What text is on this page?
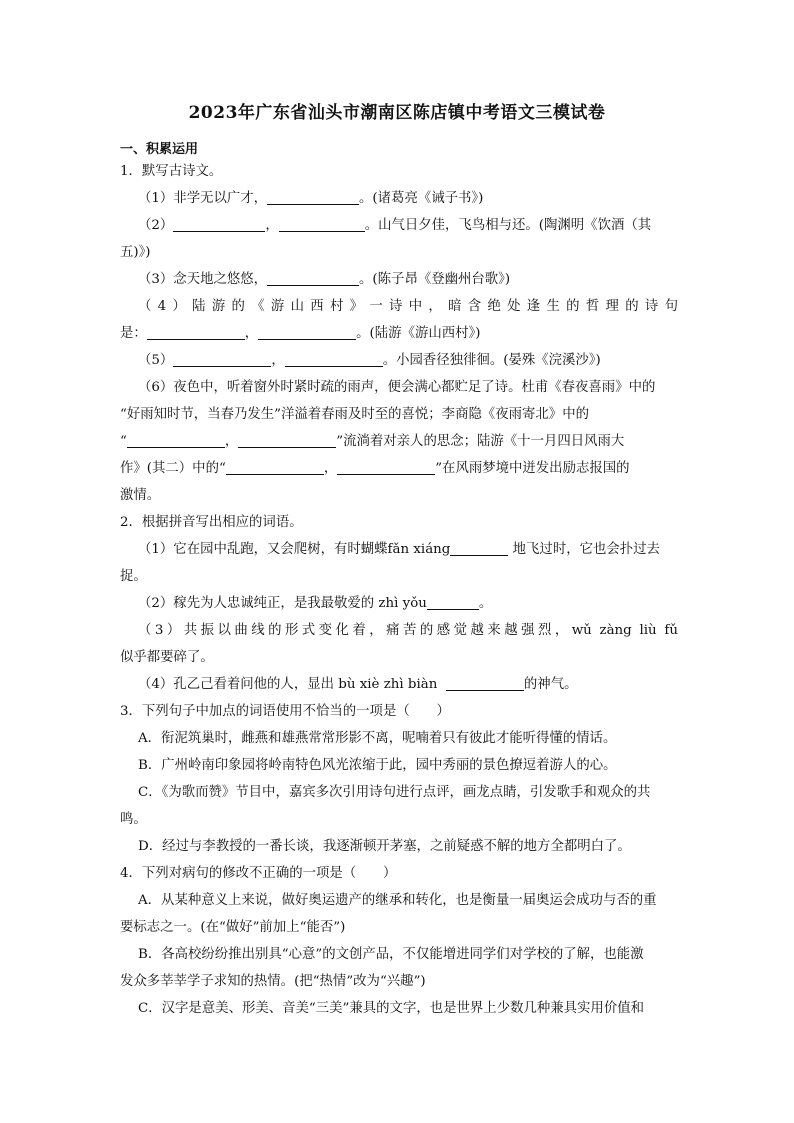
2023年广东省汕头市潮南区陈店镇中考语文三模试卷
一、积累运用
1．默写古诗文。
（1）非学无以广才，	。(诸葛亮《诫子书》)
（2）	，	。山气日夕佳，飞鸟相与还。(陶渊明《饮酒（其
五)》)
（3）念天地之悠悠，	。(陈子昂《登幽州台歌》)
（4）陆游的《游山西村》一诗中，暗含绝处逢生的哲理的诗句
是：	，	。(陆游《游山西村》)
（5）	，	。小园香径独徘徊。(晏殊《浣溪沙》)
（6）夜色中，听着窗外时紧时疏的雨声，便会满心都贮足了诗。杜甫《春夜喜雨》中的
“好雨知时节，当春乃发生”洋溢着春雨及时至的喜悦；李商隐《夜雨寄北》中的
“	，	”流淌着对亲人的思念；陆游《十一月四日风雨大
作》(其二）中的“	，	”在风雨梦境中迸发出励志报国的
激情。
2．根据拼音写出相应的词语。
（1）它在园中乱跑，又会爬树，有时蝴蝶fǎn xiáng	地飞过时，它也会扑过去
捉。
（2）稼先为人忠诚纯正，是我最敬爱的 zhì yǒu	。
（3）共振以曲线的形式变化着，痛苦的感觉越来越强烈，wǔ zàng liù fǔ
似乎都要碎了。
（4）孔乙己看着问他的人，显出 bù xiè zhì biàn	的神气。
3．下列句子中加点的词语使用不恰当的一项是（　　）
A．衔泥筑巢时，雌燕和雄燕常常形影不离，呢喃着只有彼此才能听得懂的情话。
B．广州岭南印象园将岭南特色风光浓缩于此，园中秀丽的景色撩逗着游人的心。
C．《为歌而赞》节目中，嘉宾多次引用诗句进行点评，画龙点睛，引发歌手和观众的共
鸣。
D．经过与李教授的一番长谈，我逐渐顿开茅塞，之前疑惑不解的地方全都明白了。
4．下列对病句的修改不正确的一项是（　　）
A．从某种意义上来说，做好奥运遗产的继承和转化，也是衡量一届奥运会成功与否的重
要标志之一。(在“做好”前加上“能否”)
B．各高校纷纷推出别具“心意”的文创产品，不仅能增进同学们对学校的了解，也能激
发众多莘莘学子求知的热情。(把“热情”改为“兴趣”)
C．汉字是意美、形美、音美“三美”兼具的文字，也是世界上少数几种兼具实用价值和
